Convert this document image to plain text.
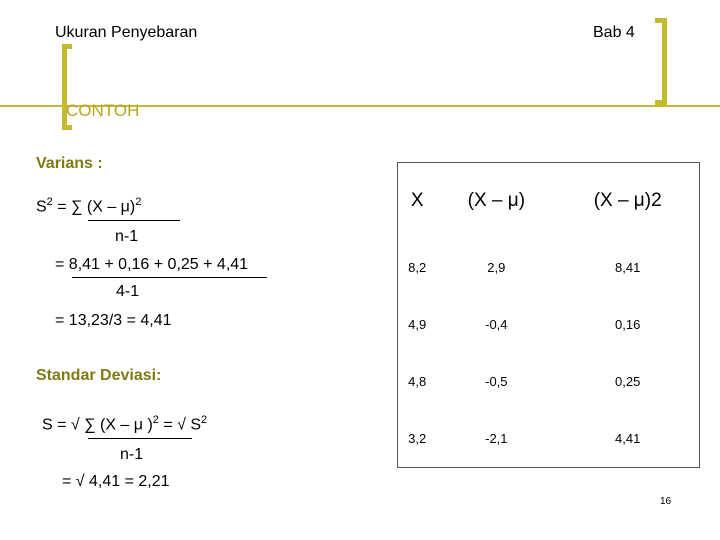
Ukuran Penyebaran	Bab 4
CONTOH
Varians :
$S^2$ = ∑ (X – μ)$^2$
n-1
= 8,41 + 0,16 + 0,25 + 4,41
4-1
= 13,23/3 = 4,41
Standar Deviasi:
S = √ ∑ (X – μ )$^2$ = √ $S^2$
n-1
= √ 4,41 = 2,21
X	(X – μ)	(X – μ)2
8,2	2,9	8,41
4,9	-0,4	0,16
4,8	-0,5	0,25
3,2	-2,1	4,41
16
